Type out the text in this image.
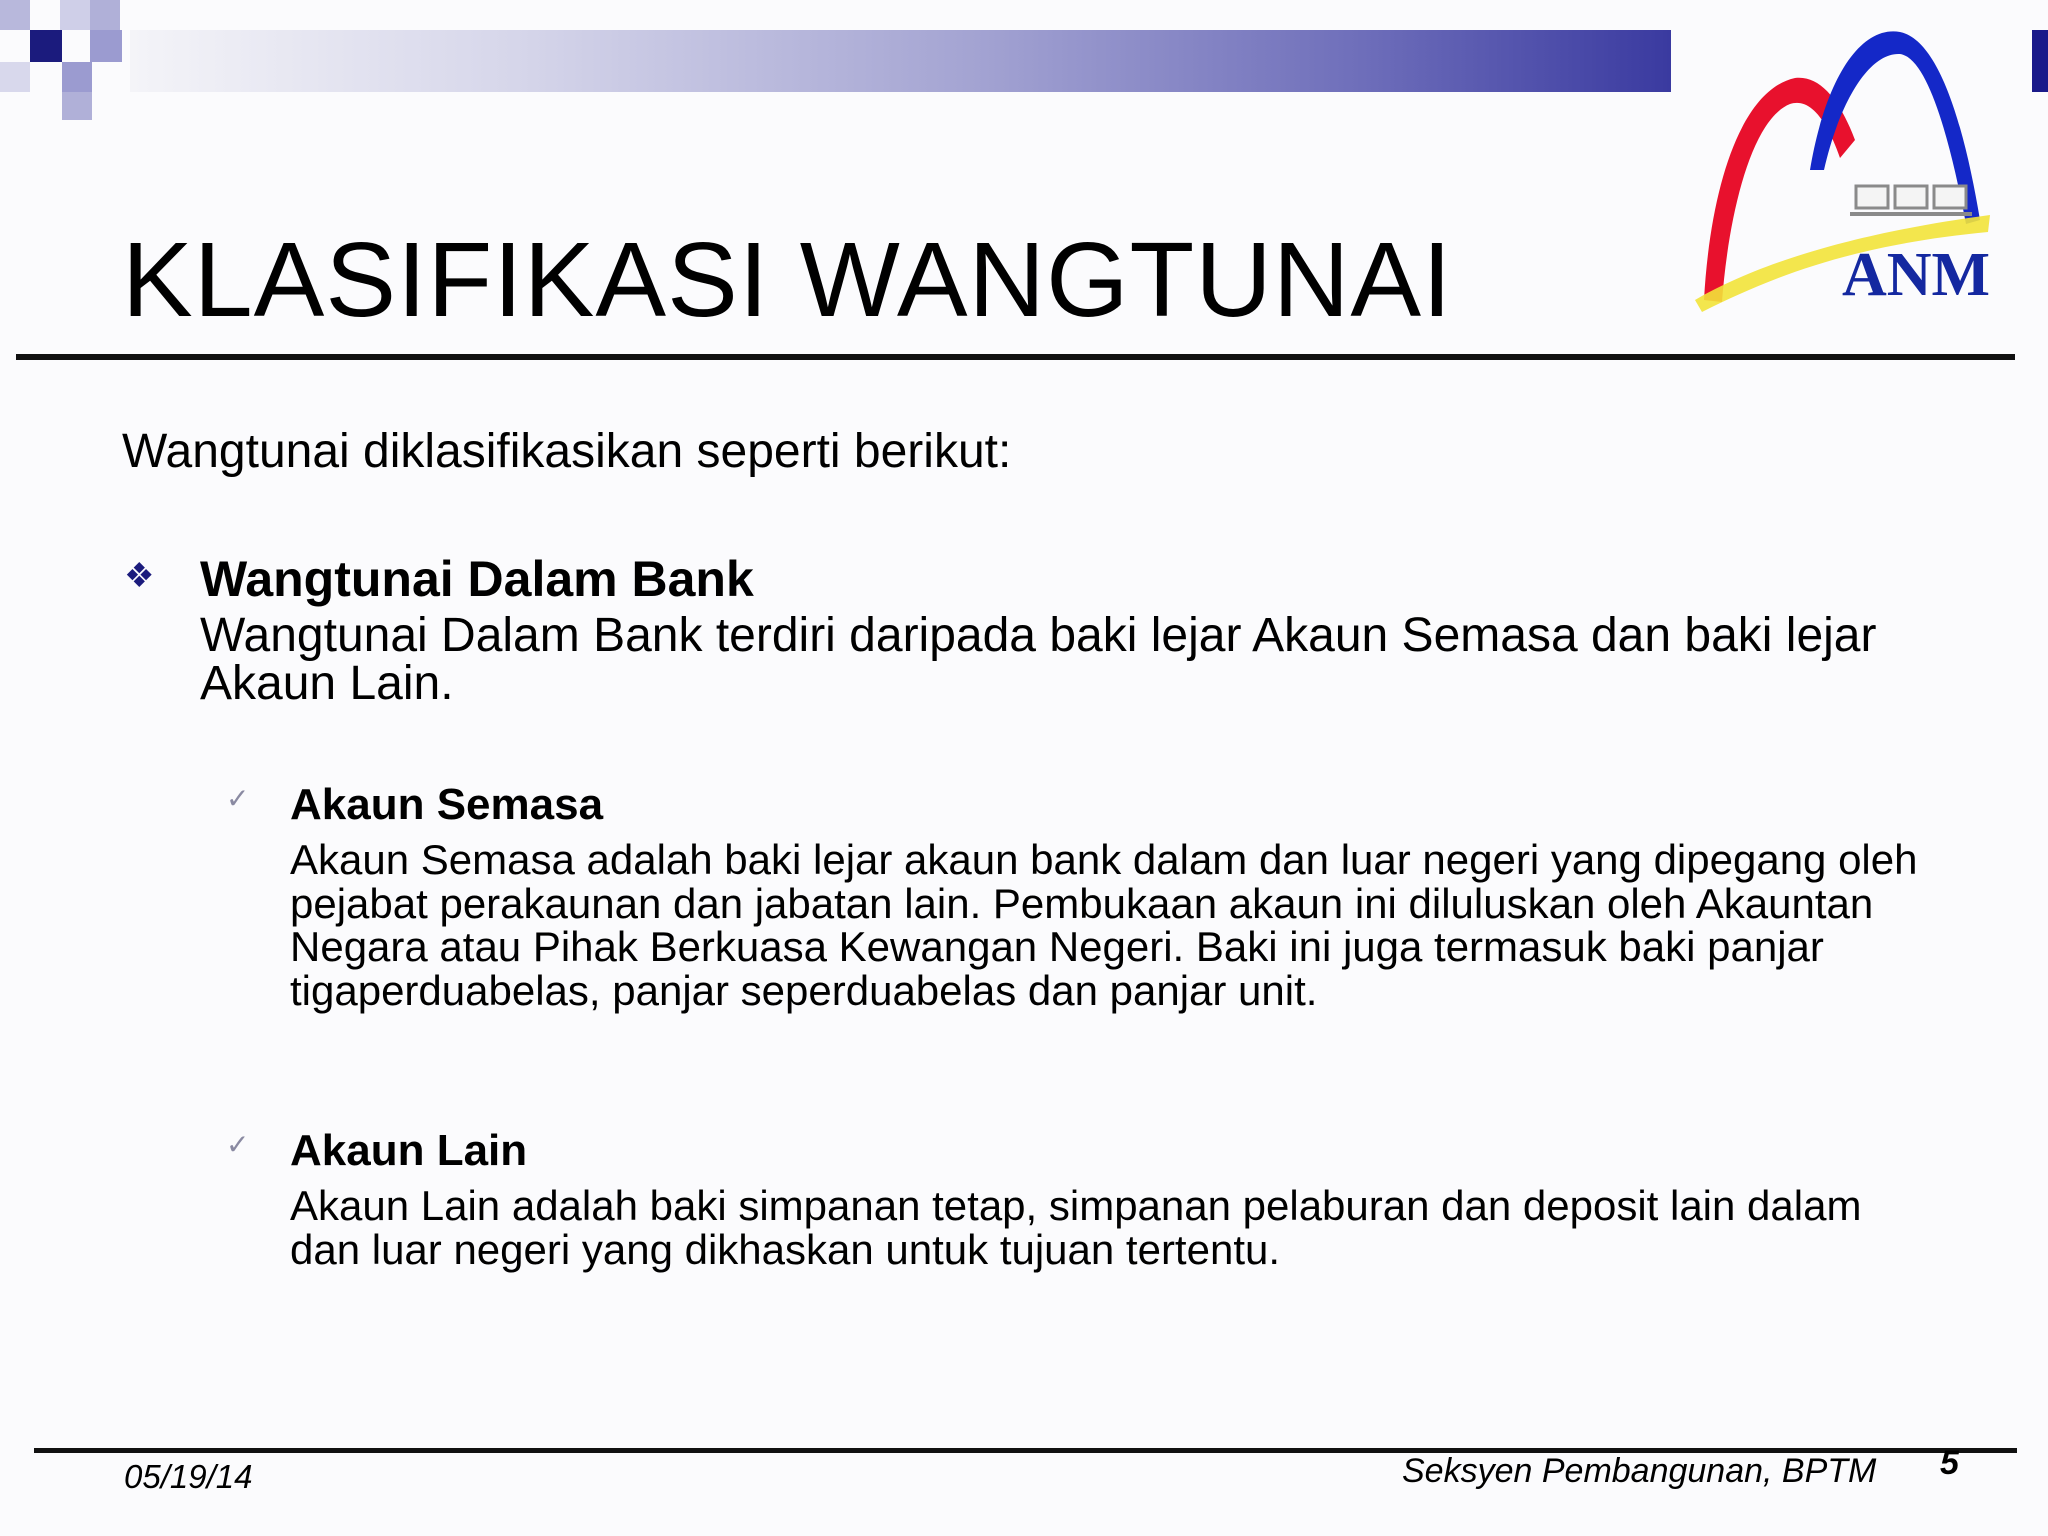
ANM
KLASIFIKASI WANGTUNAI

Wangtunai diklasifikasikan seperti berikut:

❖ Wangtunai Dalam Bank

Wangtunai Dalam Bank terdiri daripada baki lejar Akaun Semasa dan baki lejar Akaun Lain.

✓ Akaun Semasa

Akaun Semasa adalah baki lejar akaun bank dalam dan luar negeri yang dipegang oleh pejabat perakaunan dan jabatan lain. Pembukaan akaun ini diluluskan oleh Akauntan Negara atau Pihak Berkuasa Kewangan Negeri. Baki ini juga termasuk baki panjar tigaperduabelas, panjar seperduabelas dan panjar unit.

✓ Akaun Lain

Akaun Lain adalah baki simpanan tetap, simpanan pelaburan dan deposit lain dalam dan luar negeri yang dikhaskan untuk tujuan tertentu.

05/19/14	Seksyen Pembangunan, BPTM 5
